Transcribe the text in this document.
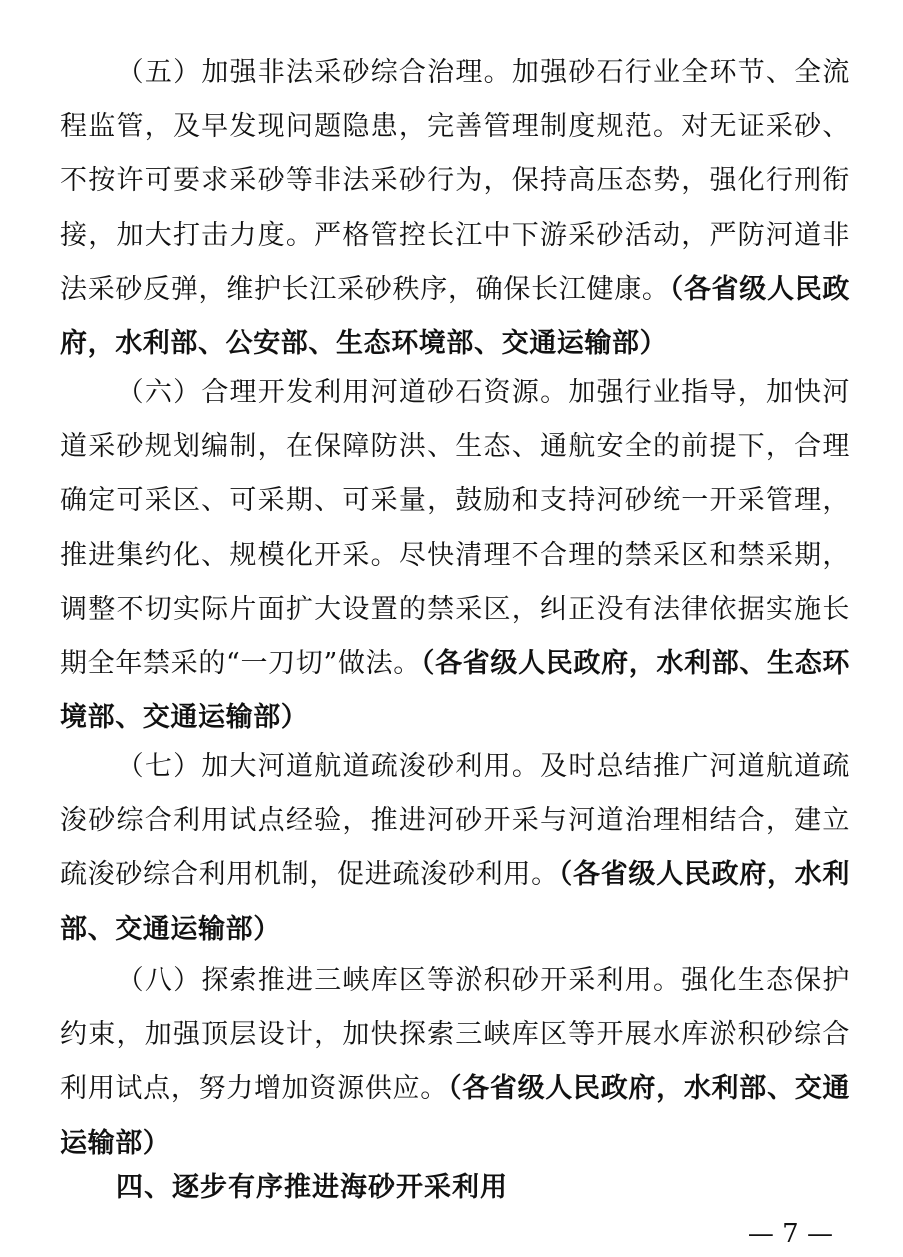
（五）加强非法采砂综合治理。加强砂石行业全环节、全流程监管，及早发现问题隐患，完善管理制度规范。对无证采砂、不按许可要求采砂等非法采砂行为，保持高压态势，强化行刑衔接，加大打击力度。严格管控长江中下游采砂活动，严防河道非法采砂反弹，维护长江采砂秩序，确保长江健康。（各省级人民政府，水利部、公安部、生态环境部、交通运输部）

（六）合理开发利用河道砂石资源。加强行业指导，加快河道采砂规划编制，在保障防洪、生态、通航安全的前提下，合理确定可采区、可采期、可采量，鼓励和支持河砂统一开采管理，推进集约化、规模化开采。尽快清理不合理的禁采区和禁采期，调整不切实际片面扩大设置的禁采区，纠正没有法律依据实施长期全年禁采的“一刀切”做法。（各省级人民政府，水利部、生态环境部、交通运输部）

（七）加大河道航道疏浚砂利用。及时总结推广河道航道疏浚砂综合利用试点经验，推进河砂开采与河道治理相结合，建立疏浚砂综合利用机制，促进疏浚砂利用。（各省级人民政府，水利部、交通运输部）

（八）探索推进三峡库区等淤积砂开采利用。强化生态保护约束，加强顶层设计，加快探索三峡库区等开展水库淤积砂综合利用试点，努力增加资源供应。（各省级人民政府，水利部、交通运输部）

四、逐步有序推进海砂开采利用
— 7 —
